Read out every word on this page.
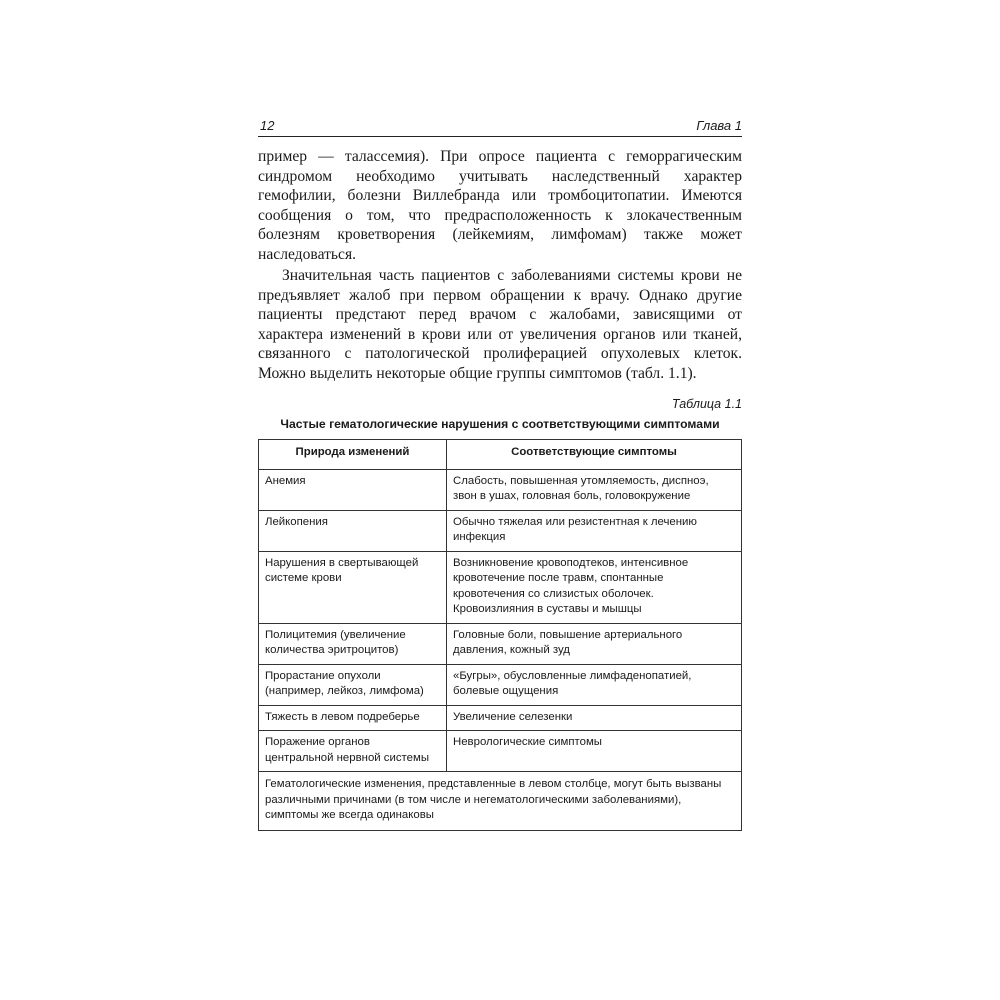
12	Глава 1

пример — талассемия). При опросе пациента с геморрагическим синдромом необходимо учитывать наследственный характер гемофилии, болезни Виллебранда или тромбоцитопатии. Имеются сообщения о том, что предрасположенность к злокачественным болезням кроветворения (лейкемиям, лимфомам) также может наследоваться.

Значительная часть пациентов с заболеваниями системы крови не предъявляет жалоб при первом обращении к врачу. Однако другие пациенты предстают перед врачом с жалобами, зависящими от характера изменений в крови или от увеличения органов или тканей, связанного с патологической пролиферацией опухолевых клеток. Можно выделить некоторые общие группы симптомов (табл. 1.1).

Таблица 1.1
Частые гематологические нарушения с соответствующими симптомами
Природа изменений	Соответствующие симптомы
Анемия	Слабость, повышенная утомляемость, диспноэ, звон в ушах, головная боль, головокружение
Лейкопения	Обычно тяжелая или резистентная к лечению инфекция
Нарушения в свертывающей системе крови	Возникновение кровоподтеков, интенсивное кровотечение после травм, спонтанные кровотечения со слизистых оболочек. Кровоизлияния в суставы и мышцы
Полицитемия (увеличение количества эритроцитов)	Головные боли, повышение артериального давления, кожный зуд
Прорастание опухоли (например, лейкоз, лимфома)	«Бугры», обусловленные лимфаденопатией, болевые ощущения
Тяжесть в левом подреберье	Увеличение селезенки
Поражение органов центральной нервной системы	Неврологические симптомы
Гематологические изменения, представленные в левом столбце, могут быть вызваны различными причинами (в том числе и негематологическими заболеваниями), симптомы же всегда одинаковы	
